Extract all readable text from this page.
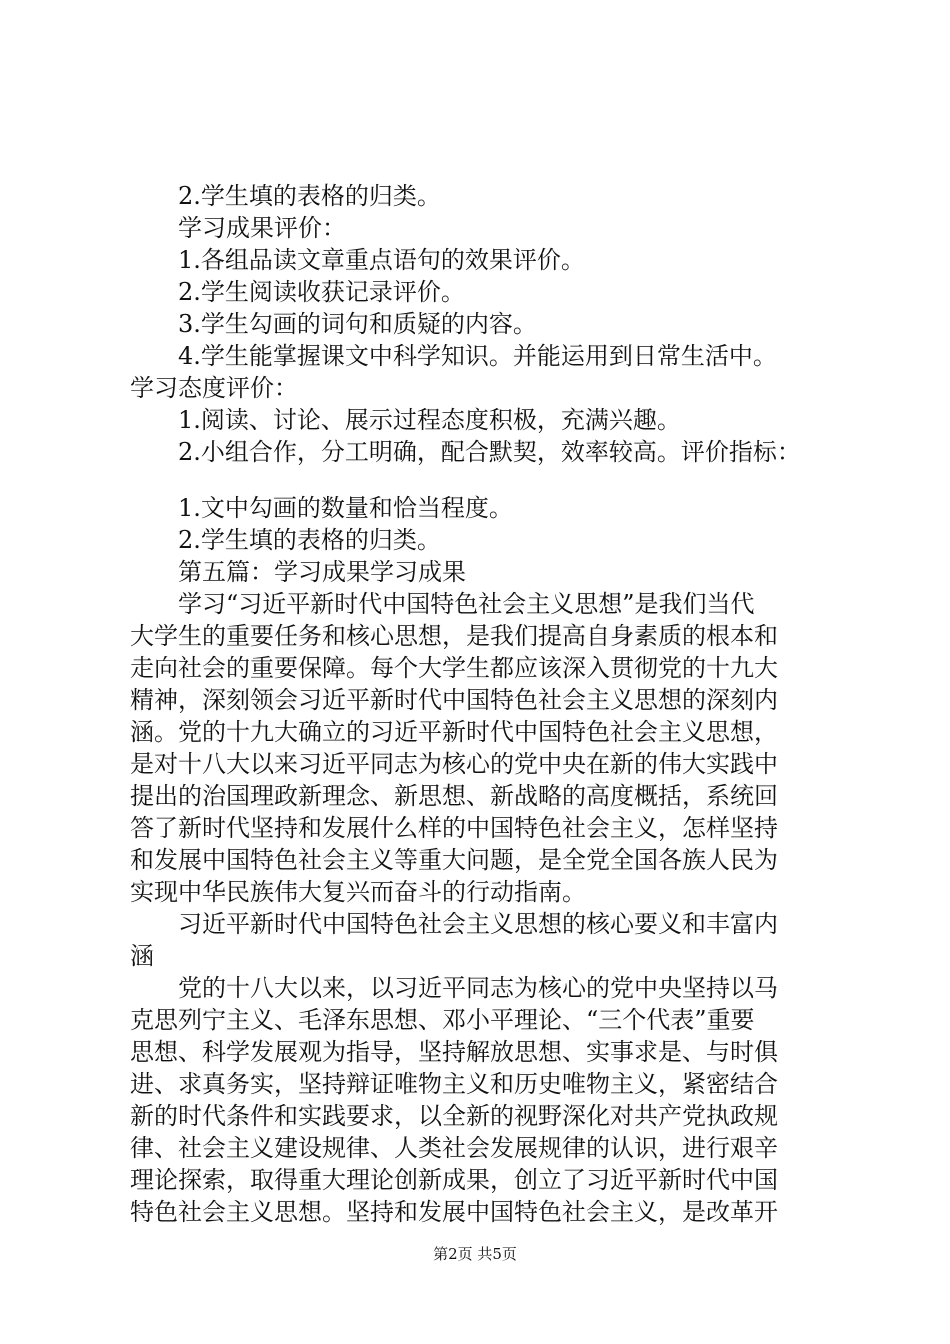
2.学生填的表格的归类。

学习成果评价：

1.各组品读文章重点语句的效果评价。

2.学生阅读收获记录评价。

3.学生勾画的词句和质疑的内容。

4.学生能掌握课文中科学知识。并能运用到日常生活中。

学习态度评价：

1.阅读、讨论、展示过程态度积极，充满兴趣。

2.小组合作，分工明确，配合默契，效率较高。评价指标：

1.文中勾画的数量和恰当程度。

2.学生填的表格的归类。

第五篇：学习成果学习成果

学习“习近平新时代中国特色社会主义思想”是我们当代

大学生的重要任务和核心思想，是我们提高自身素质的根本和

走向社会的重要保障。每个大学生都应该深入贯彻党的十九大

精神，深刻领会习近平新时代中国特色社会主义思想的深刻内

涵。党的十九大确立的习近平新时代中国特色社会主义思想，

是对十八大以来习近平同志为核心的党中央在新的伟大实践中

提出的治国理政新理念、新思想、新战略的高度概括，系统回

答了新时代坚持和发展什么样的中国特色社会主义，怎样坚持

和发展中国特色社会主义等重大问题，是全党全国各族人民为

实现中华民族伟大复兴而奋斗的行动指南。

习近平新时代中国特色社会主义思想的核心要义和丰富内

涵

党的十八大以来，以习近平同志为核心的党中央坚持以马

克思列宁主义、毛泽东思想、邓小平理论、“三个代表”重要

思想、科学发展观为指导，坚持解放思想、实事求是、与时俱

进、求真务实，坚持辩证唯物主义和历史唯物主义，紧密结合

新的时代条件和实践要求，以全新的视野深化对共产党执政规

律、社会主义建设规律、人类社会发展规律的认识，进行艰辛

理论探索，取得重大理论创新成果，创立了习近平新时代中国

特色社会主义思想。坚持和发展中国特色社会主义，是改革开

第2页 共5页
